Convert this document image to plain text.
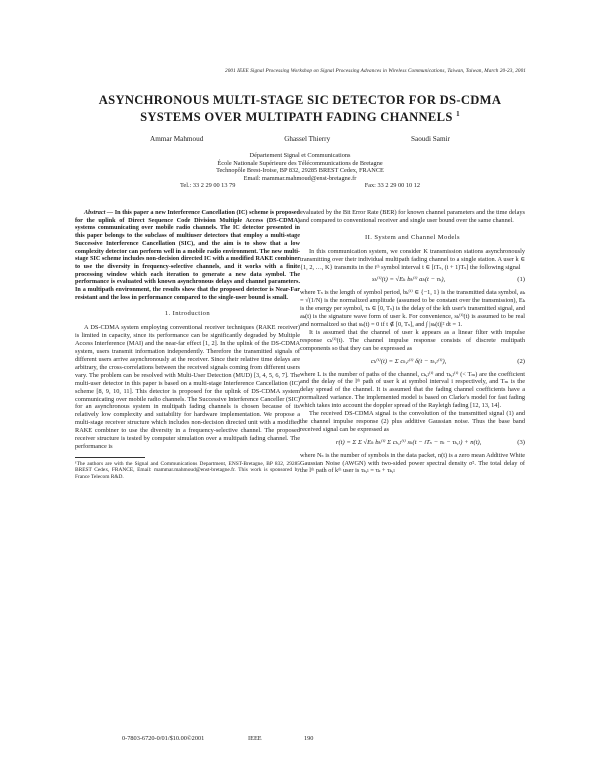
2001 IEEE Signal Processing Workshop on Signal Processing Advances in Wireless Communications, Taiwan, Taiwan, March 20-23, 2001
ASYNCHRONOUS MULTI-STAGE SIC DETECTOR FOR DS-CDMA
SYSTEMS OVER MULTIPATH FADING CHANNELS $^1$
Ammar Mahmoud	Ghassel Thierry	Saoudi Samir
Département Signal et Communications
École Nationale Supérieure des Télécommunications de Bretagne
Technopôle Brest-Iroise, BP 832, 29285 BREST Cedex, FRANCE
Email: mammar.mahmoud@enst-bretagne.fr
Tel.: 33 2 29 00 13 79	Fax: 33 2 29 00 10 12

Abstract — In this paper a new Interference Cancellation (IC) scheme is proposed for the uplink of Direct Sequence Code Division Multiple Access (DS-CDMA) systems communicating over mobile radio channels. The IC detector presented in this paper belongs to the subclass of multiuser detectors that employ a multi-stage Successive Interference Cancellation (SIC), and the aim is to show that a low complexity detector can perform well in a mobile radio environment. The new multi-stage SIC scheme includes non-decision directed IC with a modified RAKE combiner to use the diversity in frequency-selective channels, and it works with a finite processing window which each iteration to generate a new data symbol. The performance is evaluated with known asynchronous delays and channel parameters. In a multipath environment, the results show that the proposed detector is Near-Far resistant and the loss in performance compared to the single-user bound is small.

1. Introduction

A DS-CDMA system employing conventional receiver techniques (RAKE receiver) is limited in capacity, since its performance can be significantly degraded by Multiple Access Interference (MAI) and the near-far effect [1, 2]. In the uplink of the DS-CDMA system, users transmit information independently. Therefore the transmitted signals of different users arrive asynchronously at the receiver. Since their relative time delays are arbitrary, the cross-correlations between the received signals coming from different users vary. The problem can be resolved with Multi-User Detection (MUD) [3, 4, 5, 6, 7]. The multi-user detector in this paper is based on a multi-stage Interference Cancellation (IC) scheme [8, 9, 10, 11]. This detector is proposed for the uplink of DS-CDMA system communicating over mobile radio channels. The Successive Interference Canceller (SIC) for an asynchronous system in multipath fading channels is chosen because of its relatively low complexity and suitability for hardware implementation. We propose a multi-stage receiver structure which includes non-decision directed unit with a modified RAKE combiner to use the diversity in a frequency-selective channel. The proposed receiver structure is tested by computer simulation over a multipath fading channel. The performance is

¹The authors are with the Signal and Communications Department, ENST-Bretagne, BP 832, 29285 BREST Cedex, FRANCE, Email: mammar.mahmoud@enst-bretagne.fr. This work is sponsored by France Telecom R&D.

evaluated by the Bit Error Rate (BER) for known channel parameters and the time delays and compared to conventional receiver and single user bound over the same channel.

II. System and Channel Models

In this communication system, we consider K transmission stations asynchronously transmitting over their individual multipath fading channel to a single station. A user k ∈ {1, 2, …, K} transmits in the iᵗʰ symbol interval t ∈ [iTₛ, (i + 1)Tₛ] the following signal

sₖ⁽ⁱ⁾(t) = √Eₖ bₖ⁽ⁱ⁾ aₖ(t − τₖ),	(1)

where Tₛ is the length of symbol period, bₖ⁽ⁱ⁾ ∈ {−1, 1} is the transmitted data symbol, aₖ = √(1/N) is the normalized amplitude (assumed to be constant over the transmission), Eₖ is the energy per symbol, τₖ ∈ [0, Tₛ) is the delay of the kth user's transmitted signal, and aₖ(t) is the signature wave form of user k. For convenience, sₖ⁽ⁱ⁾(t) is assumed to be real and normalized so that sₖ(t) = 0 if t ∉ [0, Tₛ], and ∫ |sₖ(t)|² dt = 1.

It is assumed that the channel of user k appears as a linear filter with impulse response cₖ⁽ⁱ⁾(t). The channel impulse response consists of discrete multipath components so that they can be expressed as

cₖ⁽ⁱ⁾(t) = Σ cₖ,ₗ⁽ⁱ⁾ δ(t − τₖ,ₗ⁽ⁱ⁾),	(2)

where L is the number of paths of the channel, cₖ,ₗ⁽ⁱ⁾ and τₖ,ₗ⁽ⁱ⁾ (< Tₘ) are the coefficient and the delay of the lᵗʰ path of user k at symbol interval i respectively, and Tₘ is the delay spread of the channel. It is assumed that the fading channel coefficients have a normalized variance. The implemented model is based on Clarke's model for fast fading which takes into account the doppler spread of the Rayleigh fading [12, 13, 14].

The received DS-CDMA signal is the convolution of the transmitted signal (1) and the channel impulse response (2) plus additive Gaussian noise. Thus the base band received signal can be expressed as

r(t) = Σ Σ √Eₖ bₖ⁽ⁱ⁾ Σ cₖ,ₗ⁽ⁱ⁾ sₖ(t − iTₛ − τₖ − τₖ,ₗ) + n(t),	(3)

where Nₛ is the number of symbols in the data packet, n(t) is a zero mean Additive White Gaussian Noise (AWGN) with two-sided power spectral density σ². The total delay of the lᵗʰ path of kᵗʰ user is τₖ,ₗ = τₖ + τₖ,ₗ

0-7803-6720-0/01/$10.00©2001	IEEE	190
